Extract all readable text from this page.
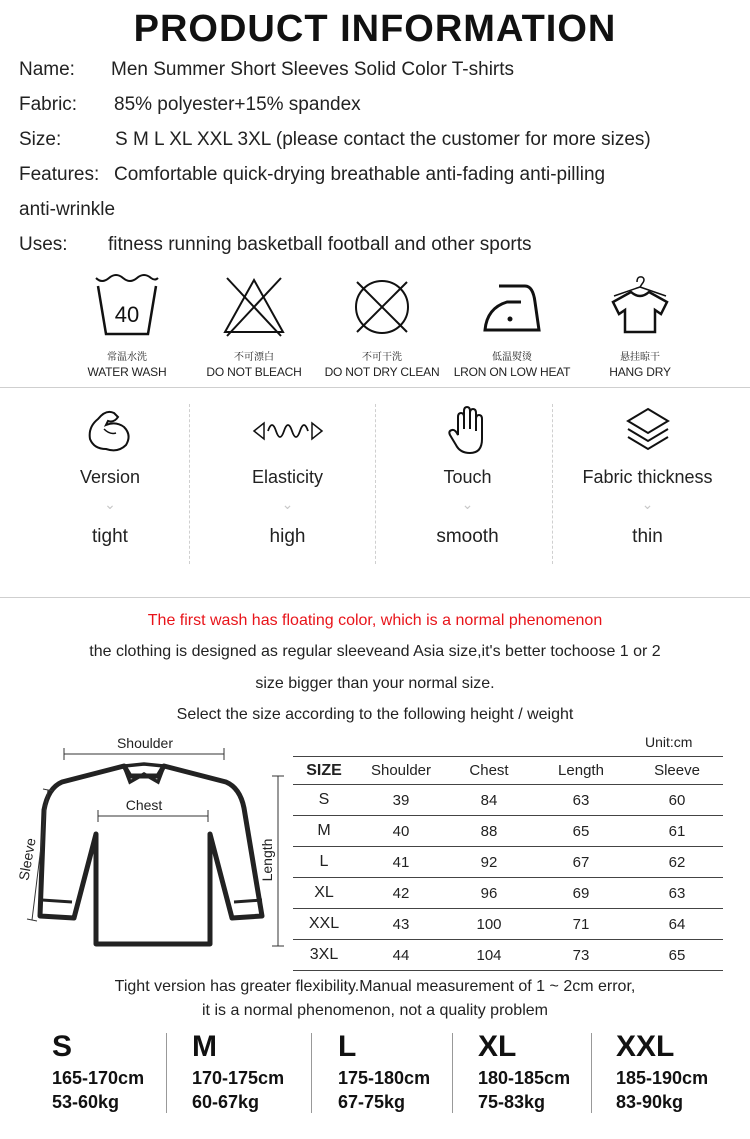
PRODUCT INFORMATION
Name: Men Summer Short Sleeves Solid Color T-shirts
Fabric: 85% polyester+15% spandex
Size:	S M L XL XXL 3XL (please contact the customer for more sizes)
Features: Comfortable quick-drying breathable anti-fading anti-pilling
anti-wrinkle
Uses: fitness running basketball football and other sports
40
常温水洗
WATER WASH
不可漂白
DO NOT BLEACH
不可干洗
DO NOT DRY CLEAN
低温熨烫
LRON ON LOW HEAT
悬挂晾干
HANG DRY
Version
⌄
tight
Elasticity
⌄
high
Touch
⌄
smooth
Fabric thickness
⌄
thin
The first wash has floating color, which is a normal phenomenon
the clothing is designed as regular sleeveand Asia size,it's better tochoose 1 or 2
size bigger than your normal size.
Select the size according to the following height / weight
Shoulder
Chest
Sleeve	Length
Unit:cm
SIZE	Shoulder	Chest	Length	Sleeve
S	39	84	63	60
M	40	88	65	61
L	41	92	67	62
XL	42	96	69	63
XXL	43	100	71	64
3XL	44	104	73	65
Tight version has greater flexibility.Manual measurement of 1 ~ 2cm error,
it is a normal phenomenon, not a quality problem
S
165-170cm
53-60kg
M
170-175cm
60-67kg
L
175-180cm
67-75kg
XL
180-185cm
75-83kg
XXL
185-190cm
83-90kg
